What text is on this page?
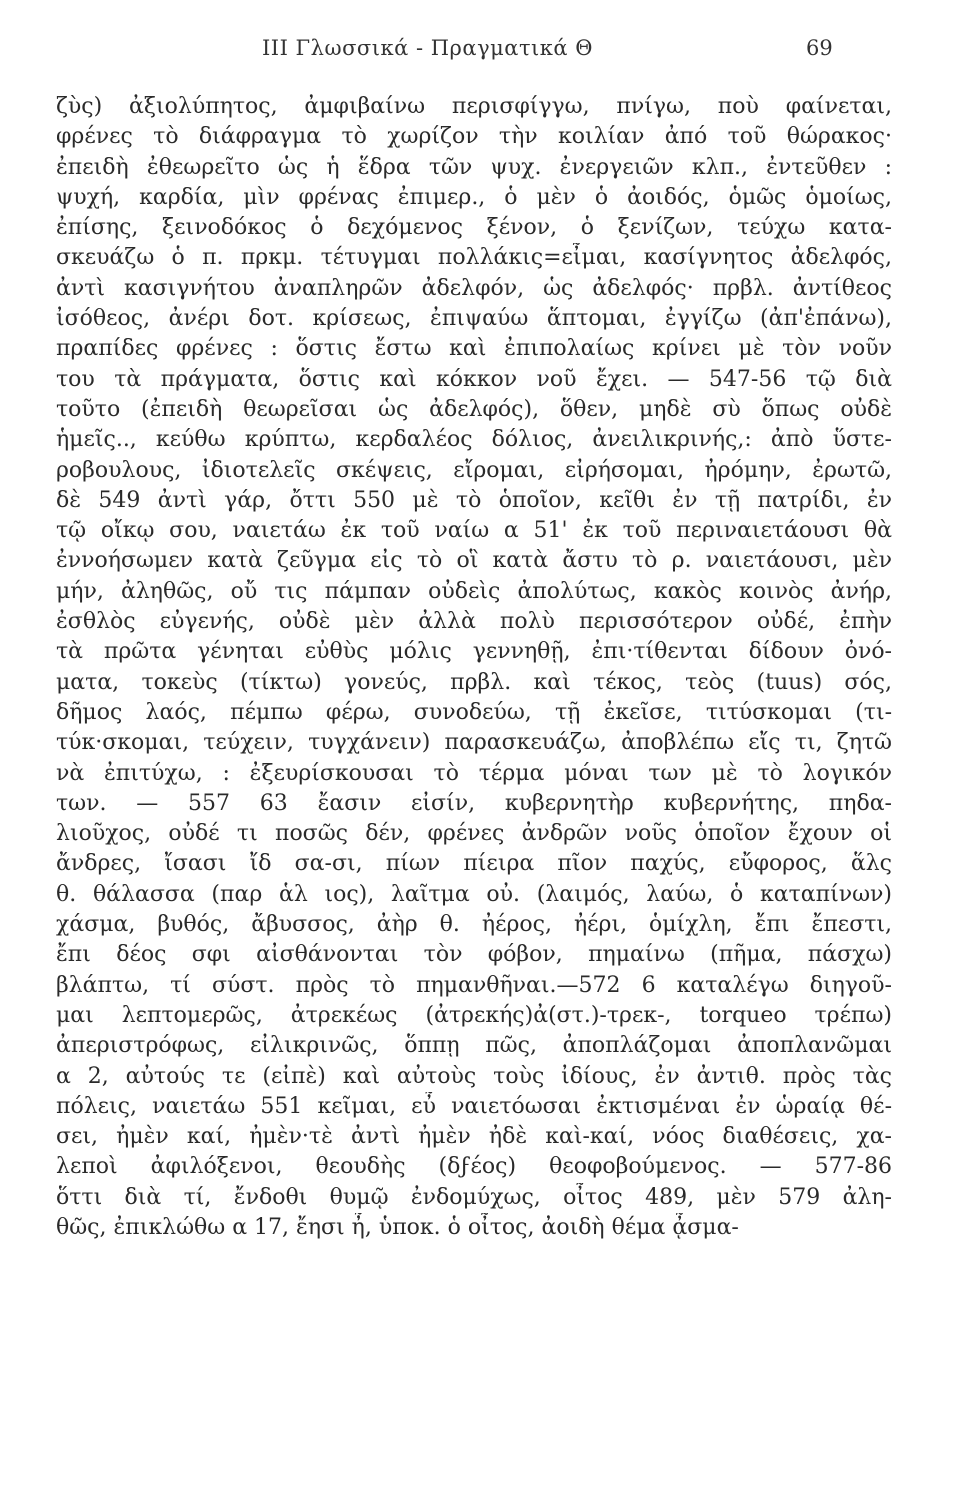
III Γλωσσικά - Πραγματικά Θ	69
ζὺς) ἀξιολύπητος, ἀμφιβαίνω περισφίγγω, πνίγω, ποὺ φαίνεται,
φρένες τὸ διάφραγμα τὸ χωρίζον τὴν κοιλίαν ἀπό τοῦ θώρακος·
ἐπειδὴ ἐθεωρεῖτο ὡς ἡ ἕδρα τῶν ψυχ. ἐνεργειῶν κλπ., ἐντεῦθεν :
ψυχή, καρδία, μὶν φρένας ἐπιμερ., ὁ μὲν ὁ ἀοιδός, ὁμῶς ὁμοίως,
ἐπίσης, ξεινοδόκος ὁ δεχόμενος ξένον, ὁ ξενίζων, τεύχω κατα-
σκευάζω ὁ π. πρκμ. τέτυγμαι πολλάκις=εἶμαι, κασίγνητος ἀδελφός,
ἀντὶ κασιγνήτου ἀναπληρῶν ἀδελφόν, ὡς ἀδελφός· πρβλ. ἀντίθεος
ἰσόθεος, ἀνέρι δοτ. κρίσεως, ἐπιψαύω ἅπτομαι, ἐγγίζω (ἀπ'ἐπάνω),
πραπίδες φρένες : ὅστις ἔστω καὶ ἐπιπολαίως κρίνει μὲ τὸν νοῦν
του τὰ πράγματα, ὅστις καὶ κόκκον νοῦ ἔχει. — 547-56 τῷ διὰ
τοῦτο (ἐπειδὴ θεωρεῖσαι ὡς ἀδελφός), ὅθεν, μηδὲ σὺ ὅπως οὐδὲ
ἡμεῖς.., κεύθω κρύπτω, κερδαλέος δόλιος, ἀνειλικρινής,: ἀπὸ ὕστε-
ροβουλους, ἰδιοτελεῖς σκέψεις, εἴρομαι, εἰρήσομαι, ἠρόμην, ἐρωτῶ,
δὲ 549 ἀντὶ γάρ, ὄττι 550 μὲ τὸ ὁποῖον, κεῖθι ἐν τῇ πατρίδι, ἐν
τῷ οἴκῳ σου, ναιετάω ἐκ τοῦ ναίω α 51' ἐκ τοῦ περιναιετάουσι θὰ
ἐννοήσωμεν κατὰ ζεῦγμα εἰς τὸ οἳ κατὰ ἄστυ τὸ ρ. ναιετάουσι, μὲν
μήν, ἀληθῶς, οὔ τις πάμπαν οὐδεὶς ἀπολύτως, κακὸς κοινὸς ἀνήρ,
ἐσθλὸς εὐγενής, οὐδὲ μὲν ἀλλὰ πολὺ περισσότερον οὐδέ, ἐπὴν
τὰ πρῶτα γένηται εὐθὺς μόλις γεννηθῇ, ἐπι·τίθενται δίδουν ὀνό-
ματα, τοκεὺς (τίκτω) γονεύς, πρβλ. καὶ τέκος, τεὸς (tuus) σός,
δῆμος λαός, πέμπω φέρω, συνοδεύω, τῇ ἐκεῖσε, τιτύσκομαι (τι-
τύκ·σκομαι, τεύχειν, τυγχάνειν) παρασκευάζω, ἀποβλέπω εἴς τι, ζητῶ
νὰ ἐπιτύχω, : ἐξευρίσκουσαι τὸ τέρμα μόναι των μὲ τὸ λογικόν
των. — 557 63 ἔασιν εἰσίν, κυβερνητὴρ κυβερνήτης, πηδα-
λιοῦχος, οὐδέ τι ποσῶς δέν, φρένες ἀνδρῶν νοῦς ὁποῖον ἔχουν οἱ
ἄνδρες, ἴσασι ἴδ σα-σι, πίων πίειρα πῖον παχύς, εὔφορος, ἅλς
θ. θάλασσα (παρ ἁλ ιος), λαῖτμα οὐ. (λαιμός, λαύω, ὁ καταπίνων)
χάσμα, βυθός, ἄβυσσος, ἀὴρ θ. ἠέρος, ἠέρι, ὁμίχλη, ἔπι ἔπεστι,
ἔπι δέος σφι αἰσθάνονται τὸν φόβον, πημαίνω (πῆμα, πάσχω)
βλάπτω, τί σύστ. πρὸς τὸ πημανθῆναι.—572 6 καταλέγω διηγοῦ-
μαι λεπτομερῶς, ἀτρεκέως (ἀτρεκής)ἀ(στ.)-τρεκ-, torqueo τρέπω)
ἀπεριστρόφως, εἰλικρινῶς, ὅππῃ πῶς, ἀποπλάζομαι ἀποπλανῶμαι
α 2, αὐτούς τε (εἰπὲ) καὶ αὐτοὺς τοὺς ἰδίους, ἐν ἀντιθ. πρὸς τὰς
πόλεις, ναιετάω 551 κεῖμαι, εὖ ναιετόωσαι ἐκτισμέναι ἐν ὡραίᾳ θέ-
σει, ἠμὲν καί, ἠμὲν·τὲ ἀντὶ ἠμὲν ἠδὲ καὶ-καί, νόος διαθέσεις, χα-
λεποὶ ἀφιλόξενοι, θεουδὴς (δϝέος) θεοφοβούμενος. — 577-86
ὅττι διὰ τί, ἔνδοθι θυμῷ ἐνδομύχως, οἶτος 489, μὲν 579 ἀλη-
θῶς, ἐπικλώθω α 17, ἔησι ἦ, ὑποκ. ὁ οἶτος, ἀοιδὴ θέμα ᾆσμα-
